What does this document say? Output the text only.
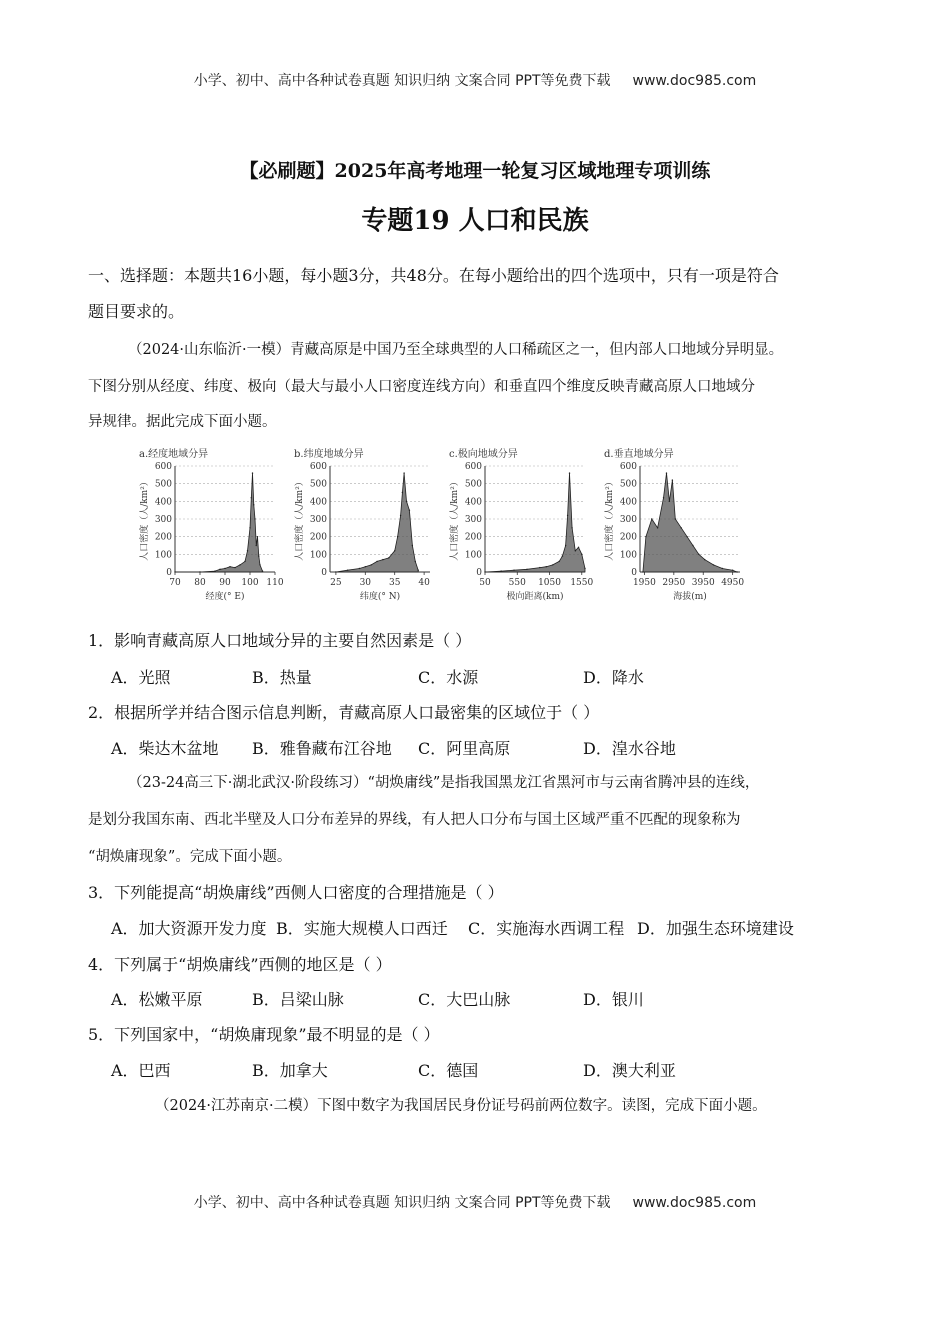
小学、初中、高中各种试卷真题 知识归纳 文案合同 PPT等免费下载 www.doc985.com
【必刷题】2025年高考地理一轮复习区域地理专项训练
专题19 人口和民族
一、选择题：本题共16小题，每小题3分，共48分。在每小题给出的四个选项中，只有一项是符合
题目要求的。
（2024·山东临沂·一模）青藏高原是中国乃至全球典型的人口稀疏区之一，但内部人口地域分异明显。
下图分别从经度、纬度、极向（最大与最小人口密度连线方向）和垂直四个维度反映青藏高原人口地域分
异规律。据此完成下面小题。
a.经度地域分异
0
100
200
300
400
500
600
70 80 90 100 110
人口密度（人/km²）
经度(° E)
b.纬度地域分异
0
100
200
300
400
500
600
25 30 35 40
人口密度（人/km²）
纬度(° N)
c.极向地域分异
0
100
200
300
400
500
600
50 550 1050 1550
人口密度（人/km²）
极向距离(km)
d.垂直地域分异
0
100
200
300
400
500
600
1950 2950 3950 4950
人口密度（人/km²）
海拔(m)
1．影响青藏高原人口地域分异的主要自然因素是（ ）
A．光照	B．热量	C．水源	D．降水
2．根据所学并结合图示信息判断，青藏高原人口最密集的区域位于（ ）
A．柴达木盆地 B．雅鲁藏布江谷地 C．阿里高原	D．湟水谷地
（23-24高三下·湖北武汉·阶段练习）“胡焕庸线”是指我国黑龙江省黑河市与云南省腾冲县的连线，
是划分我国东南、西北半壁及人口分布差异的界线，有人把人口分布与国土区域严重不匹配的现象称为
“胡焕庸现象”。完成下面小题。
3．下列能提高“胡焕庸线”西侧人口密度的合理措施是（ ）
A．加大资源开发力度 B．实施大规模人口西迁 C．实施海水西调工程 D．加强生态环境建设
4．下列属于“胡焕庸线”西侧的地区是（ ）
A．松嫩平原	B．吕梁山脉	C．大巴山脉	D．银川
5．下列国家中，“胡焕庸现象”最不明显的是（ ）
A．巴西	B．加拿大	C．德国	D．澳大利亚
（2024·江苏南京·二模）下图中数字为我国居民身份证号码前两位数字。读图，完成下面小题。
小学、初中、高中各种试卷真题 知识归纳 文案合同 PPT等免费下载 www.doc985.com
